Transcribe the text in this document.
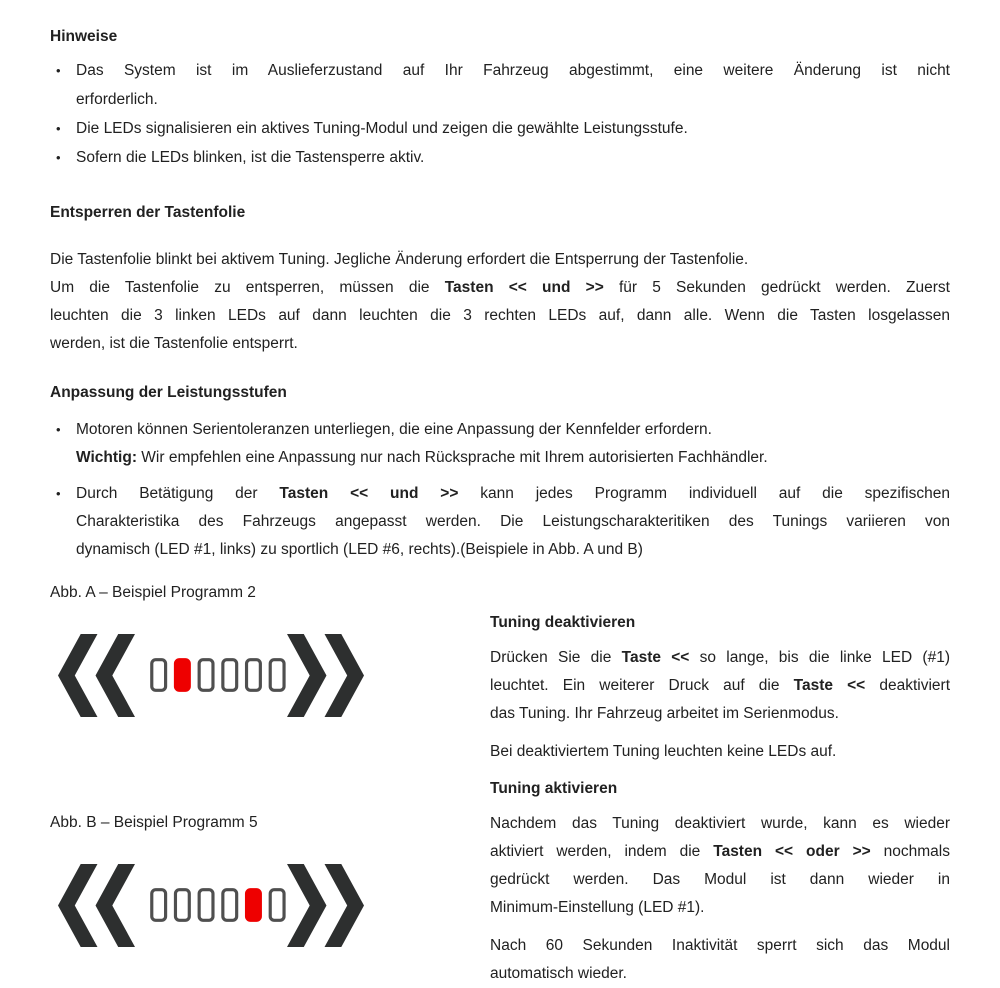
Hinweise
• Das System ist im Auslieferzustand auf Ihr Fahrzeug abgestimmt, eine weitere Änderung ist nicht
erforderlich.
• Die LEDs signalisieren ein aktives Tuning-Modul und zeigen die gewählte Leistungsstufe.
• Sofern die LEDs blinken, ist die Tastensperre aktiv.
Entsperren der Tastenfolie
Die Tastenfolie blinkt bei aktivem Tuning. Jegliche Änderung erfordert die Entsperrung der Tastenfolie.
Um die Tastenfolie zu entsperren, müssen die Tasten << und >> für 5 Sekunden gedrückt werden. Zuerst
leuchten die 3 linken LEDs auf dann leuchten die 3 rechten LEDs auf, dann alle. Wenn die Tasten losgelassen
werden, ist die Tastenfolie entsperrt.
Anpassung der Leistungsstufen
• Motoren können Serientoleranzen unterliegen, die eine Anpassung der Kennfelder erfordern.
Wichtig: Wir empfehlen eine Anpassung nur nach Rücksprache mit Ihrem autorisierten Fachhändler.
• Durch Betätigung der Tasten << und >> kann jedes Programm individuell auf die spezifischen
Charakteristika des Fahrzeugs angepasst werden. Die Leistungscharakteritiken des Tunings variieren von
dynamisch (LED #1, links) zu sportlich (LED #6, rechts).(Beispiele in Abb. A und B)
Abb. A – Beispiel Programm 2
Abb. B – Beispiel Programm 5
Tuning deaktivieren
Drücken Sie die Taste << so lange, bis die linke LED (#1)
leuchtet. Ein weiterer Druck auf die Taste << deaktiviert
das Tuning. Ihr Fahrzeug arbeitet im Serienmodus.
Bei deaktiviertem Tuning leuchten keine LEDs auf.
Tuning aktivieren
Nachdem das Tuning deaktiviert wurde, kann es wieder
aktiviert werden, indem die Tasten << oder >> nochmals
gedrückt werden. Das Modul ist dann wieder in
Minimum-Einstellung (LED #1).
Nach 60 Sekunden Inaktivität sperrt sich das Modul
automatisch wieder.
